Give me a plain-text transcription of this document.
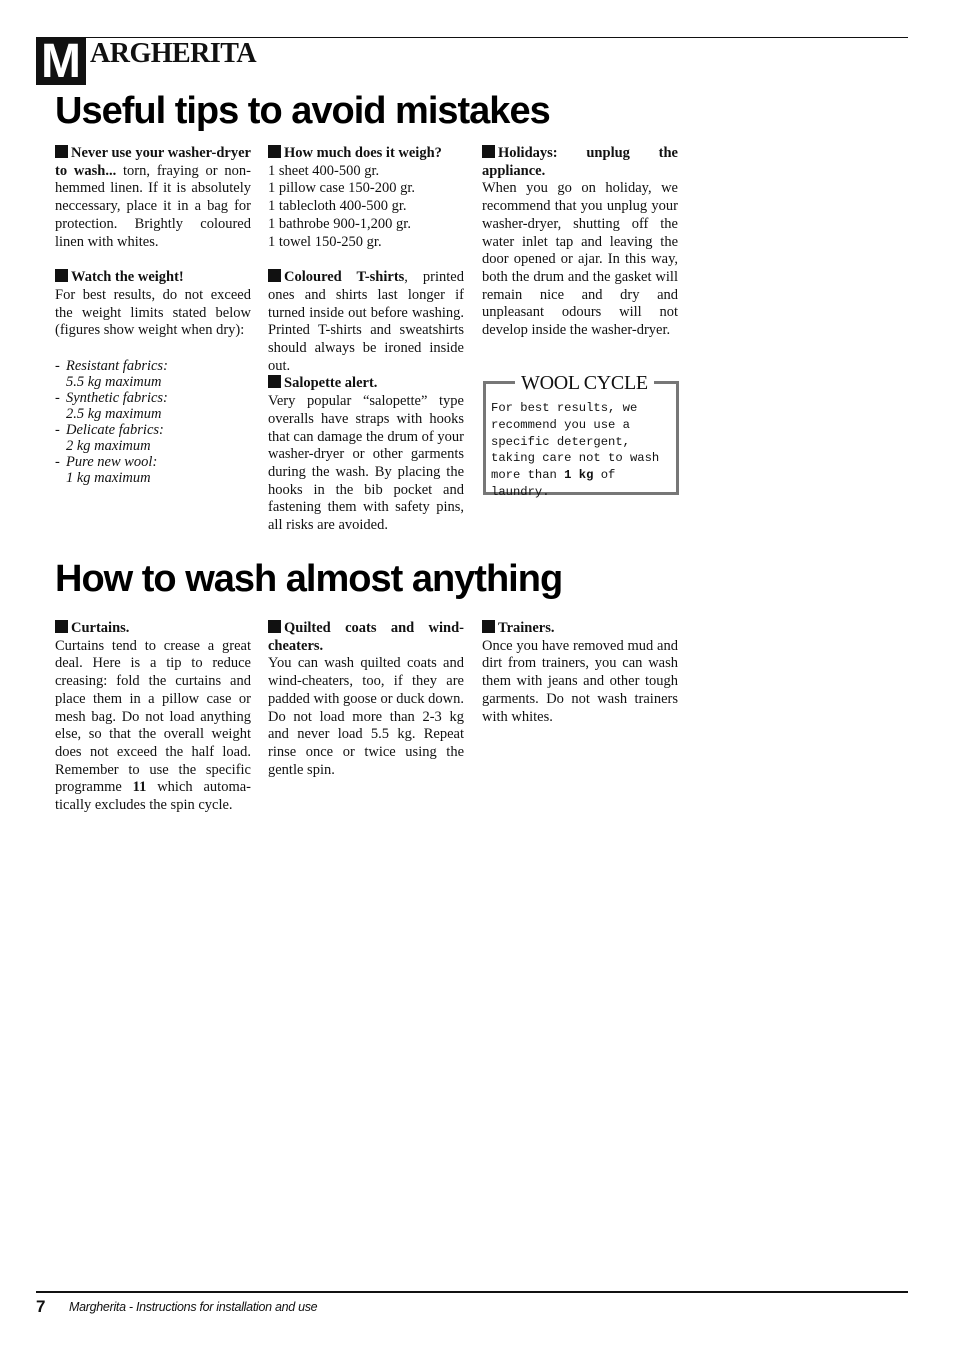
M ARGHERITA
Useful tips to avoid mistakes

Never use your washer-dryer to wash... torn, fraying or non-hemmed linen. If it is absolutely neccessary, place it in a bag for protection. Brightly coloured linen with whites.

Watch the weight!
For best results, do not exceed the weight limits stated below (figures show weight when dry):

- Resistant fabrics:
5.5 kg maximum
- Synthetic fabrics:
2.5 kg maximum
- Delicate fabrics:
2 kg maximum
- Pure new wool:
1 kg maximum

How much does it weigh?
1 sheet 400-500 gr.
1 pillow case 150-200 gr.
1 tablecloth 400-500 gr.
1 bathrobe 900-1,200 gr.
1 towel 150-250 gr.

Coloured T-shirts, printed ones and shirts last longer if turned inside out before washing. Printed T-shirts and sweatshirts should always be ironed inside out.

Salopette alert.
Very popular “salopette” type overalls have straps with hooks that can damage the drum of your washer-dryer or other garments during the wash. By placing the hooks in the bib pocket and fastening them with safety pins, all risks are avoided.

Holidays: unplug the appliance.
When you go on holiday, we recommend that you unplug your washer-dryer, shutting off the water inlet tap and leaving the door opened or ajar. In this way, both the drum and the gasket will remain nice and dry and unpleasant odours will not develop inside the washer-dryer.

WOOL CYCLE
For best results, we recommend you use a specific detergent, taking care not to wash more than 1 kg of laundry.
How to wash almost anything

Curtains.
Curtains tend to crease a great deal. Here is a tip to reduce creasing: fold the curtains and place them in a pillow case or mesh bag. Do not load anything else, so that the overall weight does not exceed the half load. Remember to use the specific programme 11 which automa-tically excludes the spin cycle.

Quilted coats and wind-cheaters.
You can wash quilted coats and wind-cheaters, too, if they are padded with goose or duck down. Do not load more than 2-3 kg and never load 5.5 kg. Repeat rinse once or twice using the gentle spin.

Trainers.
Once you have removed mud and dirt from trainers, you can wash them with jeans and other tough garments. Do not wash trainers with whites.

7 Margherita - Instructions for installation and use
